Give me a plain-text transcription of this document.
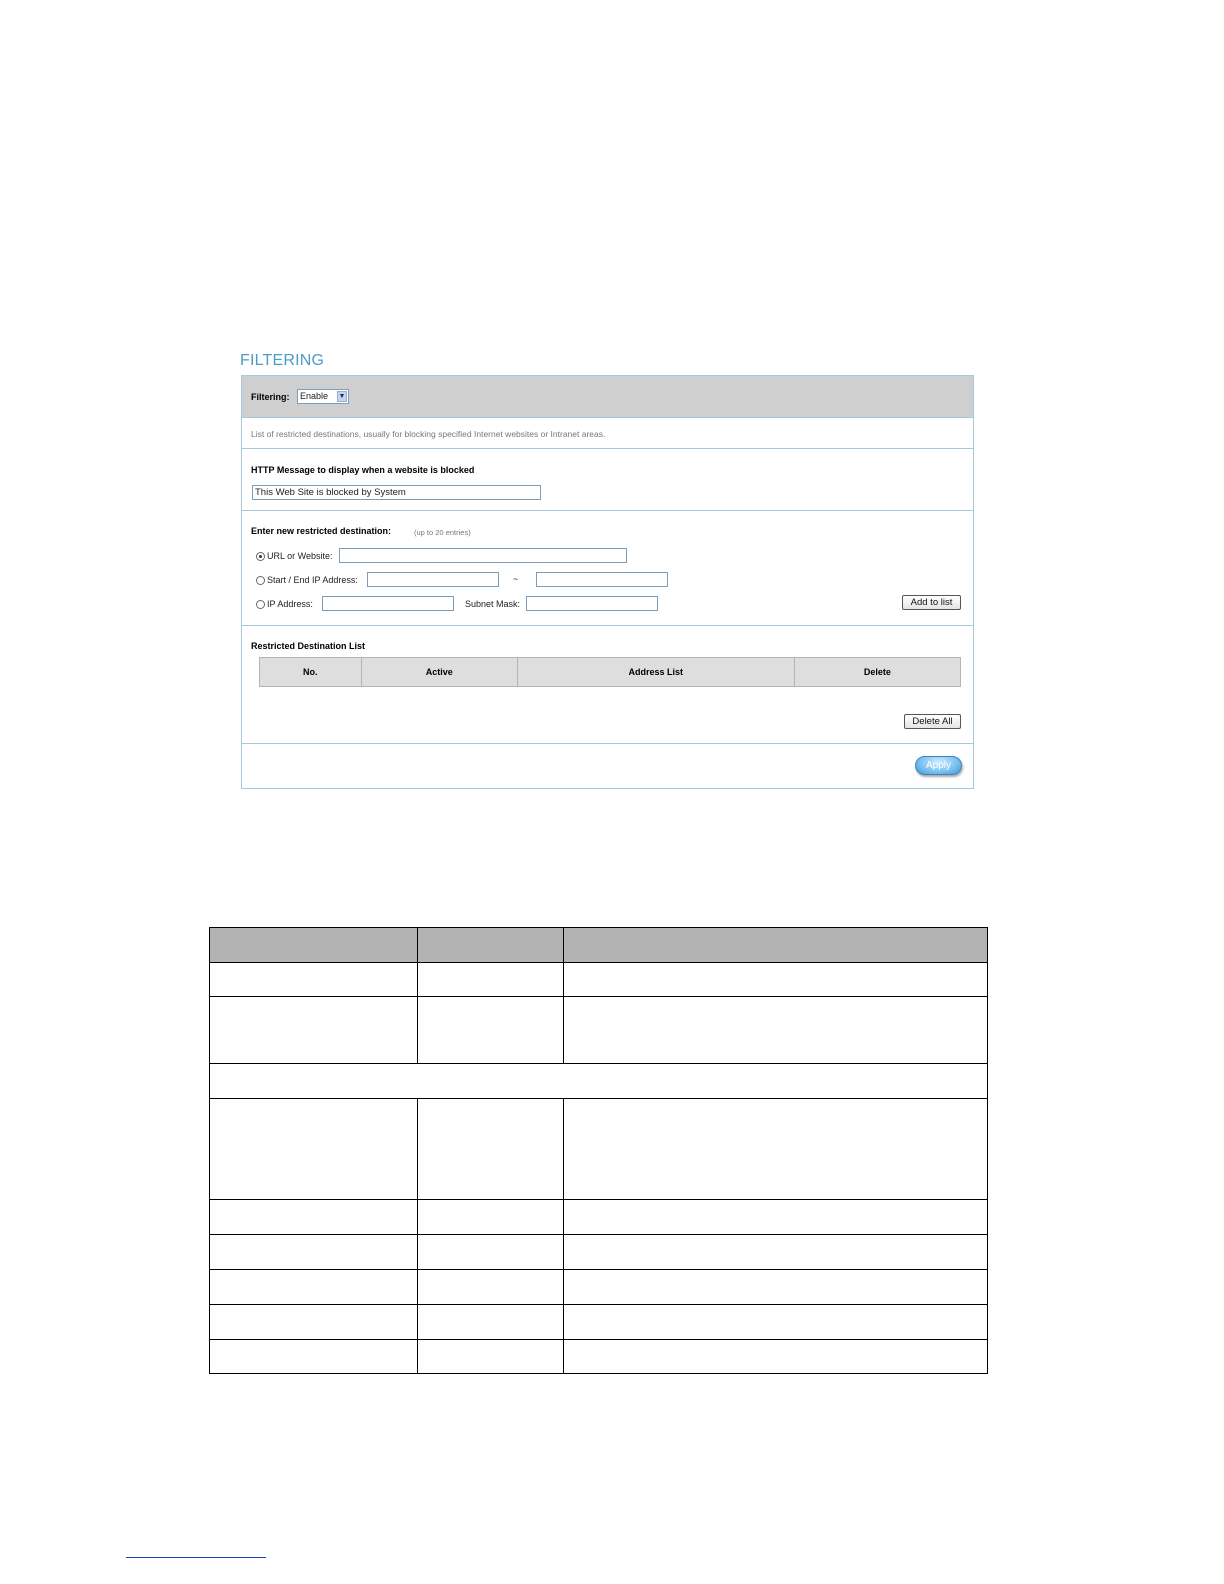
FILTERING
Filtering:	Enable ▼
List of restricted destinations, usually for blocking specified Internet websites or Intranet areas.
HTTP Message to display when a website is blocked
This Web Site is blocked by System
Enter new restricted destination:	(up to 20 entries)
URL or Website:
Start / End IP Address:	~
IP Address:	Subnet Mask:	Add to list
Restricted Destination List
No.	Active	Address List	Delete
Delete All
Apply
